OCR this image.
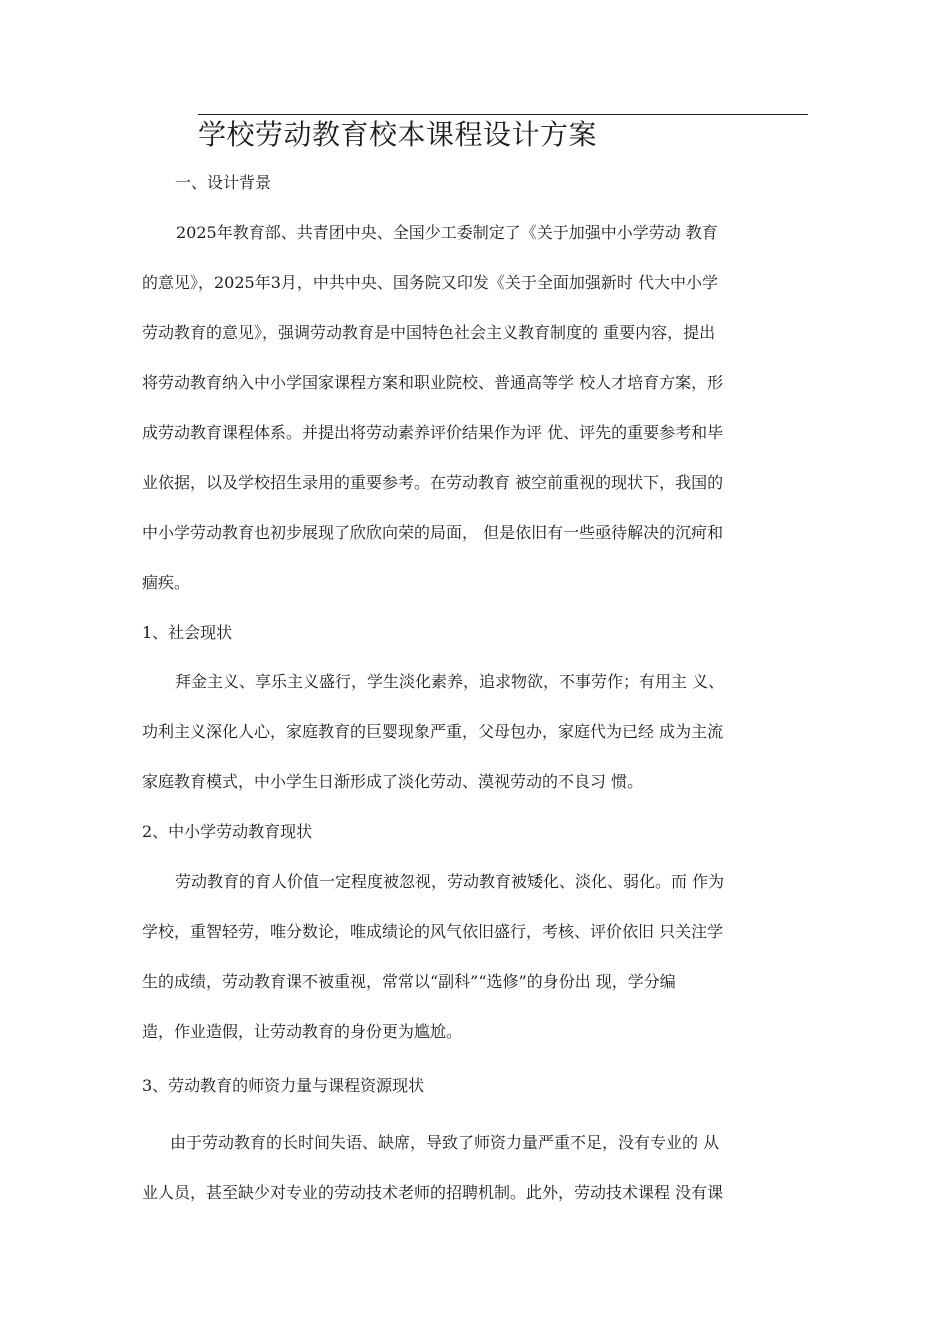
学校劳动教育校本课程设计方案
一、设计背景
2025年教育部、共青团中央、全国少工委制定了《关于加强中小学劳动 教育
的意见》，2025年3月，中共中央、国务院又印发《关于全面加强新时 代大中小学
劳动教育的意见》，强调劳动教育是中国特色社会主义教育制度的 重要内容，提出
将劳动教育纳入中小学国家课程方案和职业院校、普通高等学 校人才培育方案，形
成劳动教育课程体系。并提出将劳动素养评价结果作为评 优、评先的重要参考和毕
业依据，以及学校招生录用的重要参考。在劳动教育 被空前重视的现状下，我国的
中小学劳动教育也初步展现了欣欣向荣的局面， 但是依旧有一些亟待解决的沉疴和
痼疾。
1、社会现状
拜金主义、享乐主义盛行，学生淡化素养，追求物欲，不事劳作；有用主 义、
功利主义深化人心，家庭教育的巨婴现象严重，父母包办，家庭代为已经 成为主流
家庭教育模式，中小学生日渐形成了淡化劳动、漠视劳动的不良习 惯。
2、中小学劳动教育现状
劳动教育的育人价值一定程度被忽视，劳动教育被矮化、淡化、弱化。而 作为
学校，重智轻劳，唯分数论，唯成绩论的风气依旧盛行，考核、评价依旧 只关注学
生的成绩，劳动教育课不被重视，常常以“副科”“选修”的身份出 现，学分编
造，作业造假，让劳动教育的身份更为尴尬。
3、劳动教育的师资力量与课程资源现状
由于劳动教育的长时间失语、缺席，导致了师资力量严重不足，没有专业的 从
业人员，甚至缺少对专业的劳动技术老师的招聘机制。此外，劳动技术课程 没有课
